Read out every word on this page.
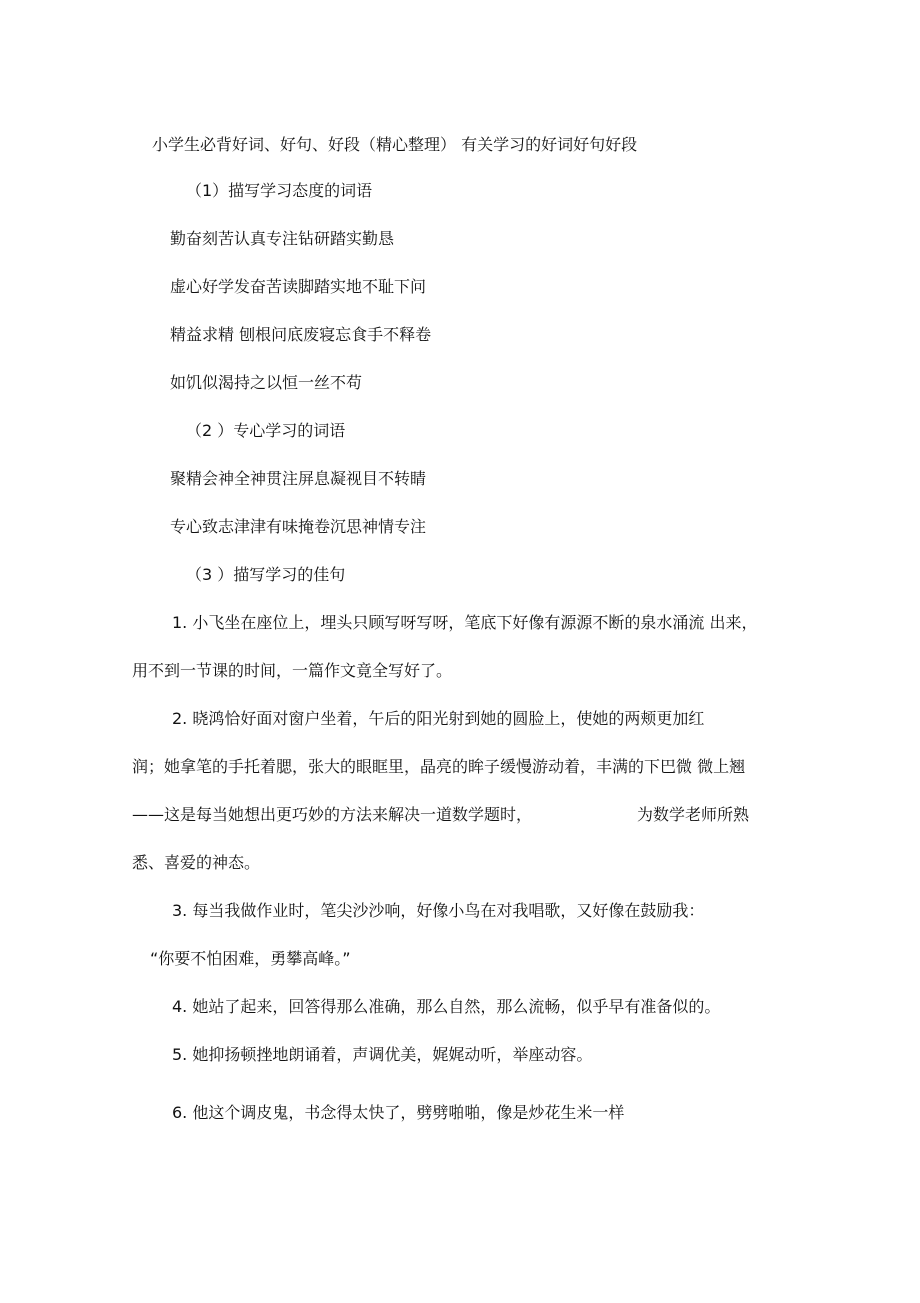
小学生必背好词、好句、好段（精心整理） 有关学习的好词好句好段
（1）描写学习态度的词语
勤奋刻苦认真专注钻研踏实勤恳
虚心好学发奋苦读脚踏实地不耻下问
精益求精 刨根问底废寝忘食手不释卷
如饥似渴持之以恒一丝不苟
（2 ）专心学习的词语
聚精会神全神贯注屏息凝视目不转睛
专心致志津津有味掩卷沉思神情专注
（3 ）描写学习的佳句
1. 小飞坐在座位上，埋头只顾写呀写呀，笔底下好像有源源不断的泉水涌流 出来，
用不到一节课的时间，一篇作文竟全写好了。
2. 晓鸿恰好面对窗户坐着，午后的阳光射到她的圆脸上，使她的两颊更加红
润；她拿笔的手托着腮，张大的眼眶里，晶亮的眸子缓慢游动着，丰满的下巴微 微上翘
——这是每当她想出更巧妙的方法来解决一道数学题时，	为数学老师所熟
悉、喜爱的神态。
3. 每当我做作业时，笔尖沙沙响，好像小鸟在对我唱歌，又好像在鼓励我：
“你要不怕困难，勇攀高峰。”
4. 她站了起来，回答得那么准确，那么自然，那么流畅，似乎早有准备似的。
5. 她抑扬顿挫地朗诵着，声调优美，娓娓动听，举座动容。
6. 他这个调皮鬼，书念得太快了，劈劈啪啪，像是炒花生米一样
